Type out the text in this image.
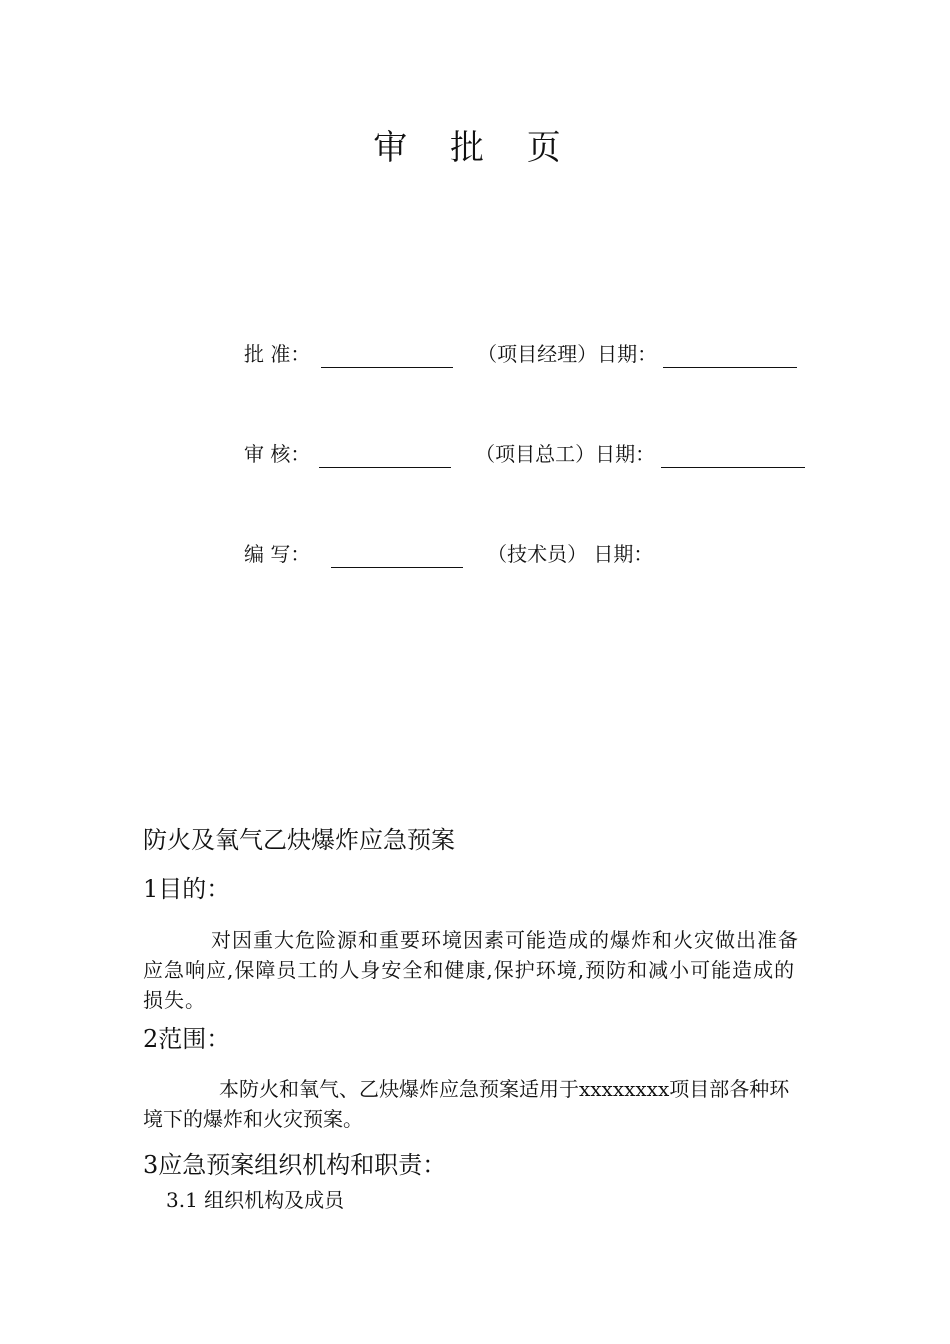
审 批 页
批 准：	（项目经理）日期：
审 核：	（项目总工）日期：
编 写：	（技术员） 日期：
防火及氧气乙炔爆炸应急预案
1目的：
对因重大危险源和重要环境因素可能造成的爆炸和火灾做出准备应急响应,保障员工的人身安全和健康,保护环境,预防和减小可能造成的损失。
2范围：
本防火和氧气、乙炔爆炸应急预案适用于xxxxxxxx项目部各种环境下的爆炸和火灾预案。
3应急预案组织机构和职责：
3.1 组织机构及成员
